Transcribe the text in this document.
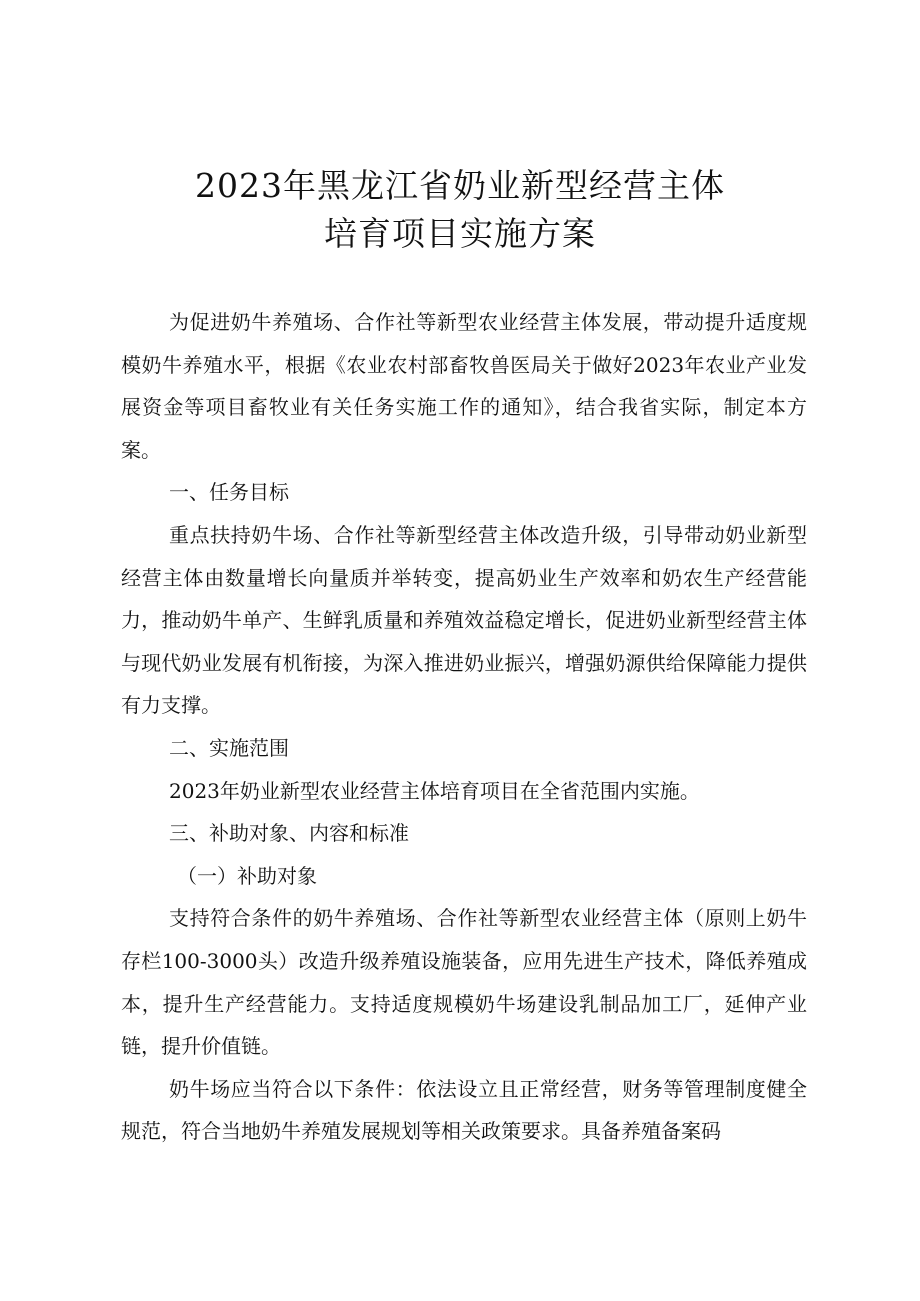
2023年黑龙江省奶业新型经营主体
培育项目实施方案

为促进奶牛养殖场、合作社等新型农业经营主体发展，带动提升适度规模奶牛养殖水平，根据《农业农村部畜牧兽医局关于做好2023年农业产业发展资金等项目畜牧业有关任务实施工作的通知》，结合我省实际，制定本方案。

一、任务目标

重点扶持奶牛场、合作社等新型经营主体改造升级，引导带动奶业新型经营主体由数量增长向量质并举转变，提高奶业生产效率和奶农生产经营能力，推动奶牛单产、生鲜乳质量和养殖效益稳定增长，促进奶业新型经营主体与现代奶业发展有机衔接，为深入推进奶业振兴，增强奶源供给保障能力提供有力支撑。

二、实施范围

2023年奶业新型农业经营主体培育项目在全省范围内实施。

三、补助对象、内容和标准

（一）补助对象

支持符合条件的奶牛养殖场、合作社等新型农业经营主体（原则上奶牛存栏100-3000头）改造升级养殖设施装备，应用先进生产技术，降低养殖成本，提升生产经营能力。支持适度规模奶牛场建设乳制品加工厂，延伸产业链，提升价值链。

奶牛场应当符合以下条件：依法设立且正常经营，财务等管理制度健全规范，符合当地奶牛养殖发展规划等相关政策要求。具备养殖备案码
